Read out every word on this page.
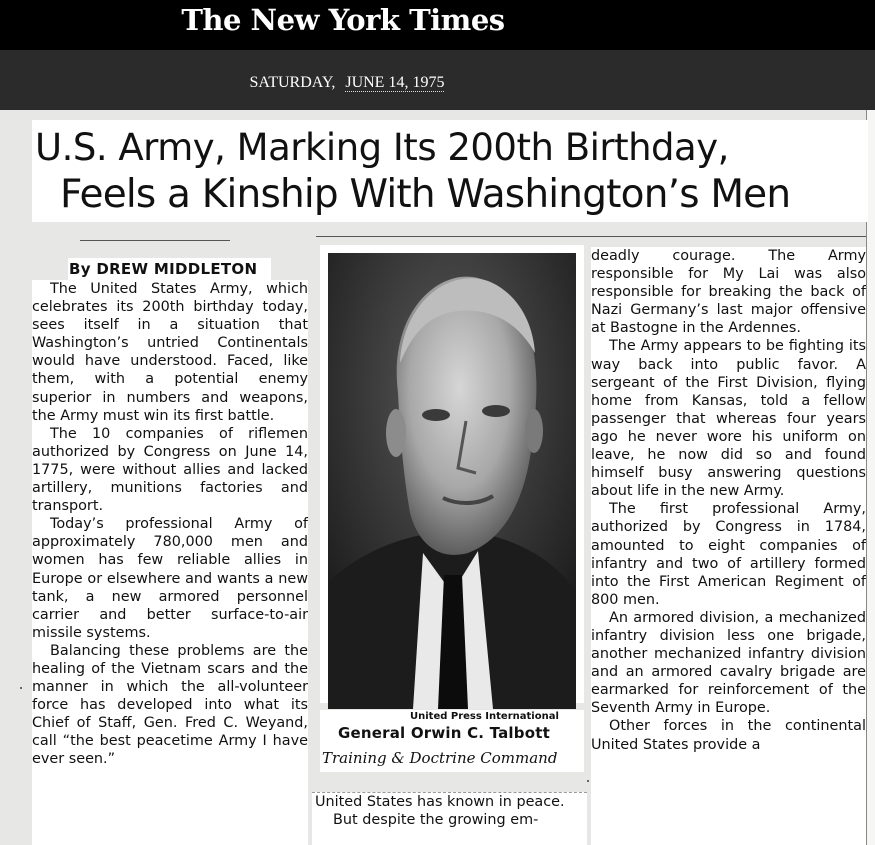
The New York Times
SATURDAY, JUNE 14, 1975
U.S. Army, Marking Its 200th Birthday,
Feels a Kinship With Washington’s Men
By DREW MIDDLETON

The United States Army, which celebrates its 200th birthday today, sees itself in a situation that Washington’s untried Continentals would have understood. Faced, like them, with a potential enemy superior in numbers and weapons, the Army must win its first battle.

The 10 companies of riflemen authorized by Congress on June 14, 1775, were without allies and lacked artillery, munitions factories and transport.

Today’s professional Army of approximately 780,000 men and women has few reliable allies in Europe or elsewhere and wants a new tank, a new armored personnel carrier and better surface-to-air missile systems.

Balancing these problems are the healing of the Vietnam scars and the manner in which the all-volunteer force has developed into what its Chief of Staff, Gen. Fred C. Weyand, call “the best peacetime Army I have ever seen.”

United Press International
General Orwin C. Talbott
Training & Doctrine Command

United States has known in peace.

But despite the growing em-

deadly courage. The Army responsible for My Lai was also responsible for breaking the back of Nazi Germany’s last major offensive at Bastogne in the Ardennes.

The Army appears to be fighting its way back into public favor. A sergeant of the First Division, flying home from Kansas, told a fellow passenger that whereas four years ago he never wore his uniform on leave, he now did so and found himself busy answering questions about life in the new Army.

The first professional Army, authorized by Congress in 1784, amounted to eight companies of infantry and two of artillery formed into the First American Regiment of 800 men.

An armored division, a mechanized infantry division less one brigade, another mechanized infantry division and an armored cavalry brigade are earmarked for reinforcement of the Seventh Army in Europe.

Other forces in the continental United States provide a
